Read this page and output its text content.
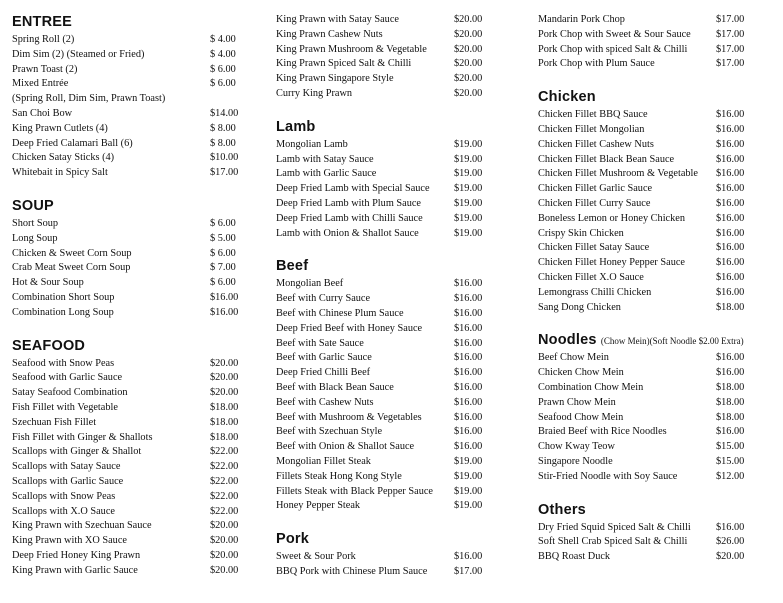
ENTREE
Spring Roll (2)	$ 4.00
Dim Sim (2) (Steamed or Fried)	$ 4.00
Prawn Toast (2)	$ 6.00
Mixed Entrée	$ 6.00
(Spring Roll, Dim Sim, Prawn Toast)
San Choi Bow	$14.00
King Prawn Cutlets (4)	$ 8.00
Deep Fried Calamari Ball (6)	$ 8.00
Chicken Satay Sticks (4)	$10.00
Whitebait in Spicy Salt	$17.00
SOUP
Short Soup	$ 6.00
Long Soup	$ 5.00
Chicken & Sweet Corn Soup	$ 6.00
Crab Meat Sweet Corn Soup	$ 7.00
Hot & Sour Soup	$ 6.00
Combination Short Soup	$16.00
Combination Long Soup	$16.00
SEAFOOD
Seafood with Snow Peas	$20.00
Seafood with Garlic Sauce	$20.00
Satay Seafood Combination	$20.00
Fish Fillet with Vegetable	$18.00
Szechuan Fish Fillet	$18.00
Fish Fillet with Ginger & Shallots	$18.00
Scallops with Ginger & Shallot	$22.00
Scallops with Satay Sauce	$22.00
Scallops with Garlic Sauce	$22.00
Scallops with Snow Peas	$22.00
Scallops with X.O Sauce	$22.00
King Prawn with Szechuan Sauce	$20.00
King Prawn with XO Sauce	$20.00
Deep Fried Honey King Prawn	$20.00
King Prawn with Garlic Sauce	$20.00
King Prawn with Satay Sauce	$20.00
King Prawn Cashew Nuts	$20.00
King Prawn Mushroom & Vegetable	$20.00
King Prawn Spiced Salt & Chilli	$20.00
King Prawn Singapore Style	$20.00
Curry King Prawn	$20.00
Lamb
Mongolian Lamb	$19.00
Lamb with Satay Sauce	$19.00
Lamb with Garlic Sauce	$19.00
Deep Fried Lamb with Special Sauce $19.00
Deep Fried Lamb with Plum Sauce	$19.00
Deep Fried Lamb with Chilli Sauce	$19.00
Lamb with Onion & Shallot Sauce	$19.00
Beef
Mongolian Beef	$16.00
Beef with Curry Sauce	$16.00
Beef with Chinese Plum Sauce	$16.00
Deep Fried Beef with Honey Sauce	$16.00
Beef with Sate Sauce	$16.00
Beef with Garlic Sauce	$16.00
Deep Fried Chilli Beef	$16.00
Beef with Black Bean Sauce	$16.00
Beef with Cashew Nuts	$16.00
Beef with Mushroom & Vegetables	$16.00
Beef with Szechuan Style	$16.00
Beef with Onion & Shallot Sauce	$16.00
Mongolian Fillet Steak	$19.00
Fillets Steak Hong Kong Style	$19.00
Fillets Steak with Black Pepper Sauce $19.00
Honey Pepper Steak	$19.00
Pork
Sweet & Sour Pork	$16.00
BBQ Pork with Chinese Plum Sauce	$17.00
Mandarin Pork Chop	$17.00
Pork Chop with Sweet & Sour Sauce $17.00
Pork Chop with spiced Salt & Chilli	$17.00
Pork Chop with Plum Sauce	$17.00
Chicken
Chicken Fillet BBQ Sauce	$16.00
Chicken Fillet Mongolian	$16.00
Chicken Fillet Cashew Nuts	$16.00
Chicken Fillet Black Bean Sauce	$16.00
Chicken Fillet Mushroom & Vegetable $16.00
Chicken Fillet Garlic Sauce	$16.00
Chicken Fillet Curry Sauce	$16.00
Boneless Lemon or Honey Chicken	$16.00
Crispy Skin Chicken	$16.00
Chicken Fillet Satay Sauce	$16.00
Chicken Fillet Honey Pepper Sauce	$16.00
Chicken Fillet X.O Sauce	$16.00
Lemongrass Chilli Chicken	$16.00
Sang Dong Chicken	$18.00
Noodles (Chow Mein)(Soft Noodle $2.00 Extra)
Beef Chow Mein	$16.00
Chicken Chow Mein	$16.00
Combination Chow Mein	$18.00
Prawn Chow Mein	$18.00
Seafood Chow Mein	$18.00
Braied Beef with Rice Noodles	$16.00
Chow Kway Teow	$15.00
Singapore Noodle	$15.00
Stir-Fried Noodle with Soy Sauce	$12.00
Others
Dry Fried Squid Spiced Salt & Chilli $16.00
Soft Shell Crab Spiced Salt & Chilli	$26.00
BBQ Roast Duck	$20.00
